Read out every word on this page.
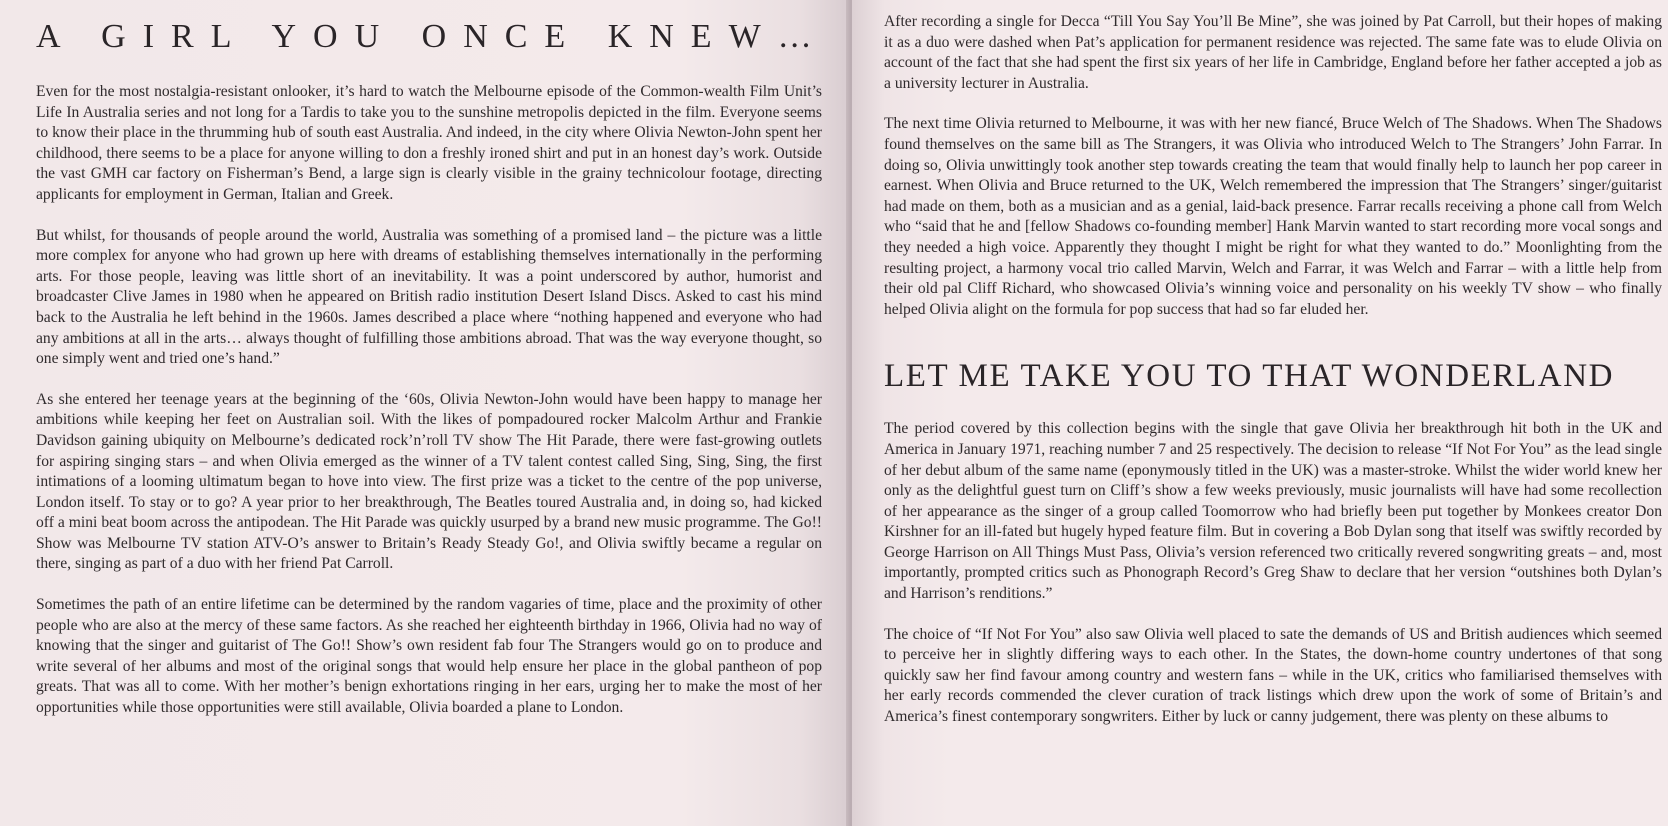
A GIRL YOU ONCE KNEW…

Even for the most nostalgia-resistant onlooker, it’s hard to watch the Melbourne episode of the Common-wealth Film Unit’s Life In Australia series and not long for a Tardis to take you to the sunshine metropolis depicted in the film. Everyone seems to know their place in the thrumming hub of south east Australia. And indeed, in the city where Olivia Newton-John spent her childhood, there seems to be a place for anyone willing to don a freshly ironed shirt and put in an honest day’s work. Outside the vast GMH car factory on Fisherman’s Bend, a large sign is clearly visible in the grainy technicolour footage, directing applicants for employment in German, Italian and Greek.

But whilst, for thousands of people around the world, Australia was something of a promised land – the picture was a little more complex for anyone who had grown up here with dreams of establishing themselves internationally in the performing arts. For those people, leaving was little short of an inevitability. It was a point underscored by author, humorist and broadcaster Clive James in 1980 when he appeared on British radio institution Desert Island Discs. Asked to cast his mind back to the Australia he left behind in the 1960s. James described a place where “nothing happened and everyone who had any ambitions at all in the arts… always thought of fulfilling those ambitions abroad. That was the way everyone thought, so one simply went and tried one’s hand.”

As she entered her teenage years at the beginning of the ‘60s, Olivia Newton-John would have been happy to manage her ambitions while keeping her feet on Australian soil. With the likes of pompadoured rocker Malcolm Arthur and Frankie Davidson gaining ubiquity on Melbourne’s dedicated rock’n’roll TV show The Hit Parade, there were fast-growing outlets for aspiring singing stars – and when Olivia emerged as the winner of a TV talent contest called Sing, Sing, Sing, the first intimations of a looming ultimatum began to hove into view. The first prize was a ticket to the centre of the pop universe, London itself. To stay or to go? A year prior to her breakthrough, The Beatles toured Australia and, in doing so, had kicked off a mini beat boom across the antipodean. The Hit Parade was quickly usurped by a brand new music programme. The Go!! Show was Melbourne TV station ATV-O’s answer to Britain’s Ready Steady Go!, and Olivia swiftly became a regular on there, singing as part of a duo with her friend Pat Carroll.

Sometimes the path of an entire lifetime can be determined by the random vagaries of time, place and the proximity of other people who are also at the mercy of these same factors. As she reached her eighteenth birthday in 1966, Olivia had no way of knowing that the singer and guitarist of The Go!! Show’s own resident fab four The Strangers would go on to produce and write several of her albums and most of the original songs that would help ensure her place in the global pantheon of pop greats. That was all to come. With her mother’s benign exhortations ringing in her ears, urging her to make the most of her opportunities while those opportunities were still available, Olivia boarded a plane to London.

After recording a single for Decca “Till You Say You’ll Be Mine”, she was joined by Pat Carroll, but their hopes of making it as a duo were dashed when Pat’s application for permanent residence was rejected. The same fate was to elude Olivia on account of the fact that she had spent the first six years of her life in Cambridge, England before her father accepted a job as a university lecturer in Australia.

The next time Olivia returned to Melbourne, it was with her new fiancé, Bruce Welch of The Shadows. When The Shadows found themselves on the same bill as The Strangers, it was Olivia who introduced Welch to The Strangers’ John Farrar. In doing so, Olivia unwittingly took another step towards creating the team that would finally help to launch her pop career in earnest. When Olivia and Bruce returned to the UK, Welch remembered the impression that The Strangers’ singer/guitarist had made on them, both as a musician and as a genial, laid-back presence. Farrar recalls receiving a phone call from Welch who “said that he and [fellow Shadows co-founding member] Hank Marvin wanted to start recording more vocal songs and they needed a high voice. Apparently they thought I might be right for what they wanted to do.” Moonlighting from the resulting project, a harmony vocal trio called Marvin, Welch and Farrar, it was Welch and Farrar – with a little help from their old pal Cliff Richard, who showcased Olivia’s winning voice and personality on his weekly TV show – who finally helped Olivia alight on the formula for pop success that had so far eluded her.

LET ME TAKE YOU TO THAT WONDERLAND

The period covered by this collection begins with the single that gave Olivia her breakthrough hit both in the UK and America in January 1971, reaching number 7 and 25 respectively. The decision to release “If Not For You” as the lead single of her debut album of the same name (eponymously titled in the UK) was a master-stroke. Whilst the wider world knew her only as the delightful guest turn on Cliff’s show a few weeks previously, music journalists will have had some recollection of her appearance as the singer of a group called Toomorrow who had briefly been put together by Monkees creator Don Kirshner for an ill-fated but hugely hyped feature film. But in covering a Bob Dylan song that itself was swiftly recorded by George Harrison on All Things Must Pass, Olivia’s version referenced two critically revered songwriting greats – and, most importantly, prompted critics such as Phonograph Record’s Greg Shaw to declare that her version “outshines both Dylan’s and Harrison’s renditions.”

The choice of “If Not For You” also saw Olivia well placed to sate the demands of US and British audiences which seemed to perceive her in slightly differing ways to each other. In the States, the down-home country undertones of that song quickly saw her find favour among country and western fans – while in the UK, critics who familiarised themselves with her early records commended the clever curation of track listings which drew upon the work of some of Britain’s and America’s finest contemporary songwriters. Either by luck or canny judgement, there was plenty on these albums to
